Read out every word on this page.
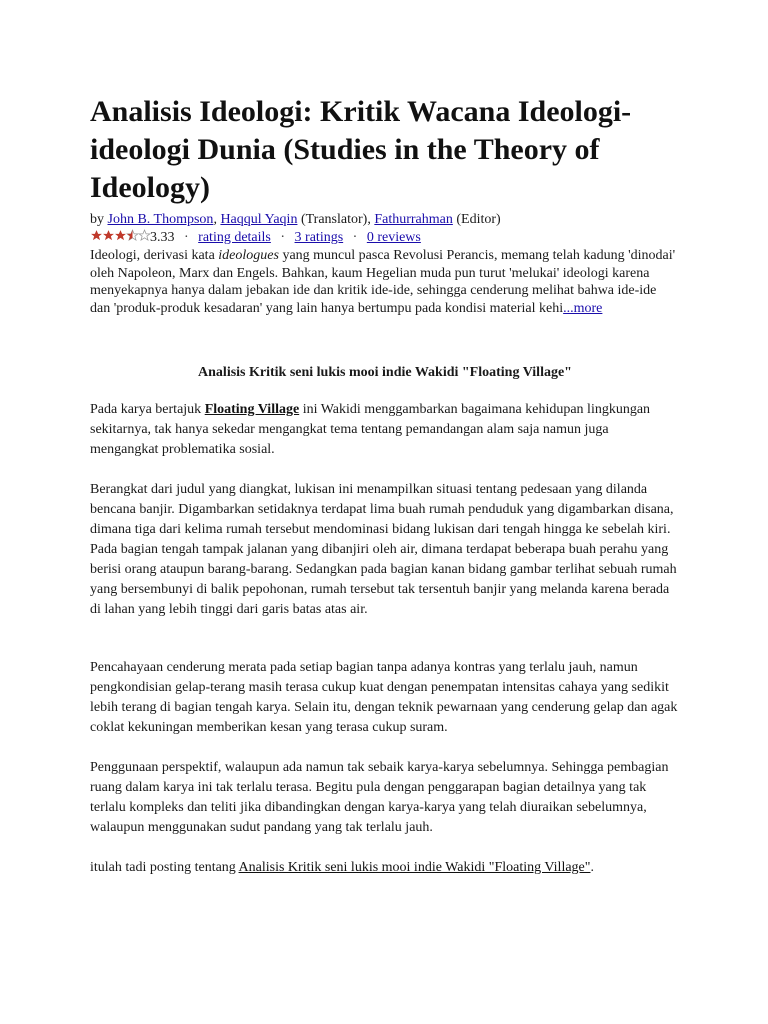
Analisis Ideologi: Kritik Wacana Ideologi-ideologi Dunia (Studies in the Theory of Ideology)
by John B. Thompson, Haqqul Yaqin (Translator), Fathurrahman (Editor)
3.33 · rating details · 3 ratings · 0 reviews
Ideologi, derivasi kata ideologues yang muncul pasca Revolusi Perancis, memang telah kadung 'dinodai' oleh Napoleon, Marx dan Engels. Bahkan, kaum Hegelian muda pun turut 'melukai' ideologi karena menyekapnya hanya dalam jebakan ide dan kritik ide-ide, sehingga cenderung melihat bahwa ide-ide dan 'produk-produk kesadaran' yang lain hanya bertumpu pada kondisi material kehi...more
Analisis Kritik seni lukis mooi indie Wakidi "Floating Village"

Pada karya bertajuk Floating Village ini Wakidi menggambarkan bagaimana kehidupan lingkungan sekitarnya, tak hanya sekedar mengangkat tema tentang pemandangan alam saja namun juga mengangkat problematika sosial.

Berangkat dari judul yang diangkat, lukisan ini menampilkan situasi tentang pedesaan yang dilanda bencana banjir. Digambarkan setidaknya terdapat lima buah rumah penduduk yang digambarkan disana, dimana tiga dari kelima rumah tersebut mendominasi bidang lukisan dari tengah hingga ke sebelah kiri. Pada bagian tengah tampak jalanan yang dibanjiri oleh air, dimana terdapat beberapa buah perahu yang berisi orang ataupun barang-barang. Sedangkan pada bagian kanan bidang gambar terlihat sebuah rumah yang bersembunyi di balik pepohonan, rumah tersebut tak tersentuh banjir yang melanda karena berada di lahan yang lebih tinggi dari garis batas atas air.

Pencahayaan cenderung merata pada setiap bagian tanpa adanya kontras yang terlalu jauh, namun pengkondisian gelap-terang masih terasa cukup kuat dengan penempatan intensitas cahaya yang sedikit lebih terang di bagian tengah karya. Selain itu, dengan teknik pewarnaan yang cenderung gelap dan agak coklat kekuningan memberikan kesan yang terasa cukup suram.

Penggunaan perspektif, walaupun ada namun tak sebaik karya-karya sebelumnya. Sehingga pembagian ruang dalam karya ini tak terlalu terasa. Begitu pula dengan penggarapan bagian detailnya yang tak terlalu kompleks dan teliti jika dibandingkan dengan karya-karya yang telah diuraikan sebelumnya, walaupun menggunakan sudut pandang yang tak terlalu jauh.

itulah tadi posting tentang Analisis Kritik seni lukis mooi indie Wakidi "Floating Village".
